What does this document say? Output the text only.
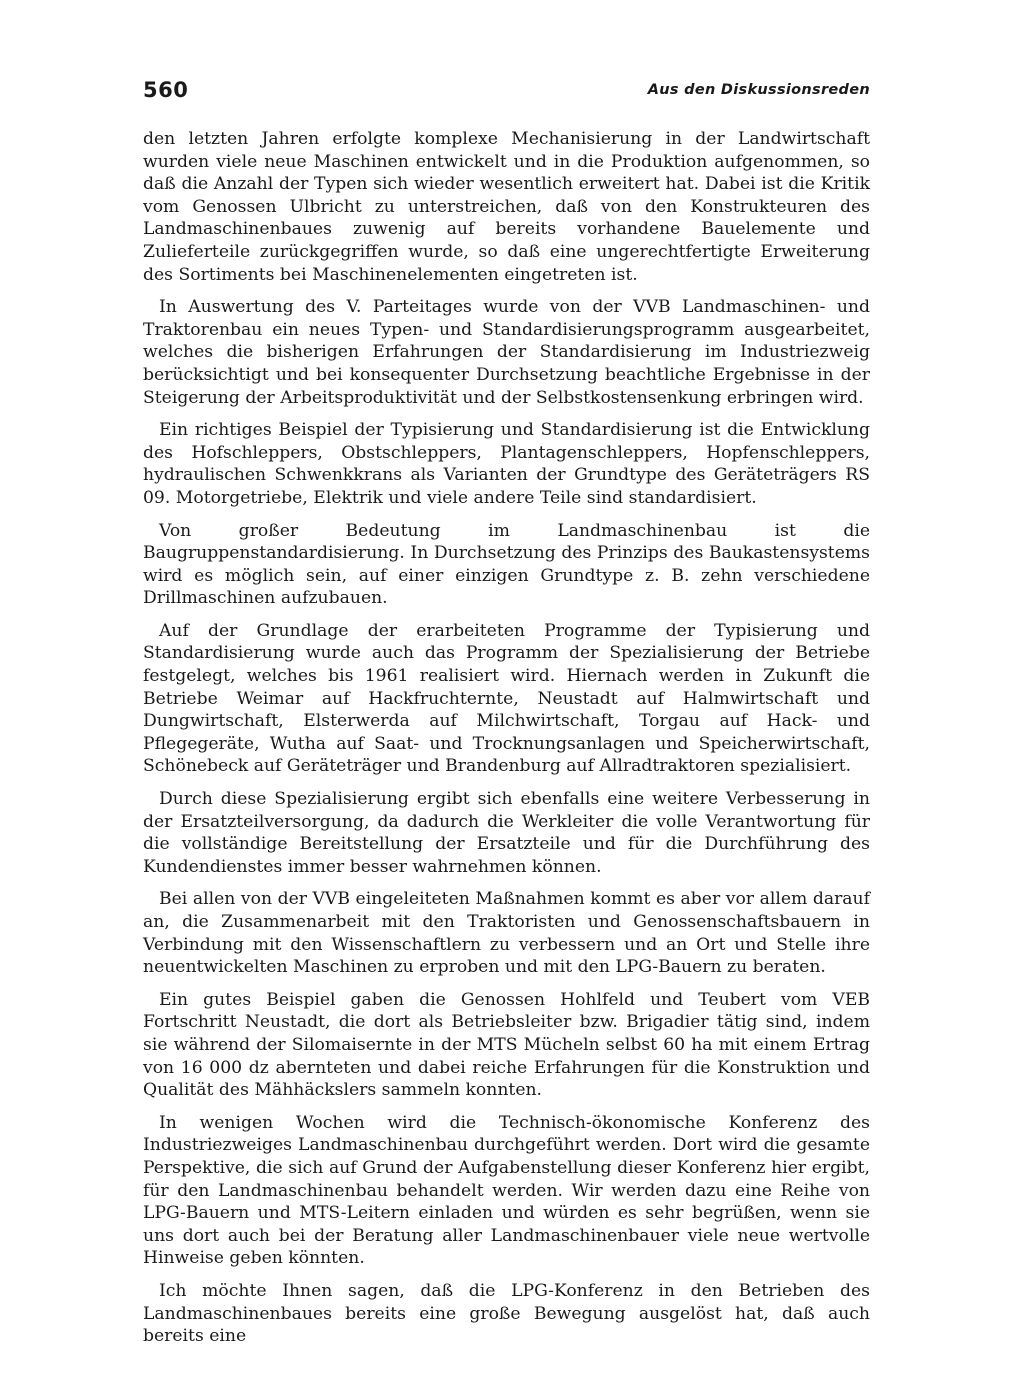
560	Aus den Diskussionsreden

den letzten Jahren erfolgte komplexe Mechanisierung in der Landwirtschaft wurden viele neue Maschinen entwickelt und in die Produktion aufgenommen, so daß die Anzahl der Typen sich wieder wesentlich erweitert hat. Dabei ist die Kritik vom Genossen Ulbricht zu unterstreichen, daß von den Konstrukteuren des Landmaschinenbaues zuwenig auf bereits vorhandene Bauelemente und Zulieferteile zurückgegriffen wurde, so daß eine ungerechtfertigte Erweiterung des Sortiments bei Maschinenelementen eingetreten ist.

In Auswertung des V. Parteitages wurde von der VVB Landmaschinen- und Traktorenbau ein neues Typen- und Standardisierungsprogramm ausgearbeitet, welches die bisherigen Erfahrungen der Standardisierung im Industriezweig berücksichtigt und bei konsequenter Durchsetzung beachtliche Ergebnisse in der Steigerung der Arbeitsproduktivität und der Selbstkostensenkung erbringen wird.

Ein richtiges Beispiel der Typisierung und Standardisierung ist die Entwicklung des Hofschleppers, Obstschleppers, Plantagenschleppers, Hopfenschleppers, hydraulischen Schwenkkrans als Varianten der Grundtype des Geräteträgers RS 09. Motorgetriebe, Elektrik und viele andere Teile sind standardisiert.

Von großer Bedeutung im Landmaschinenbau ist die Baugruppenstandardisierung. In Durchsetzung des Prinzips des Baukastensystems wird es möglich sein, auf einer einzigen Grundtype z. B. zehn verschiedene Drillmaschinen aufzubauen.

Auf der Grundlage der erarbeiteten Programme der Typisierung und Standardisierung wurde auch das Programm der Spezialisierung der Betriebe festgelegt, welches bis 1961 realisiert wird. Hiernach werden in Zukunft die Betriebe Weimar auf Hackfruchternte, Neustadt auf Halmwirtschaft und Dungwirtschaft, Elsterwerda auf Milchwirtschaft, Torgau auf Hack- und Pflegegeräte, Wutha auf Saat- und Trocknungsanlagen und Speicherwirtschaft, Schönebeck auf Geräteträger und Brandenburg auf Allradtraktoren spezialisiert.

Durch diese Spezialisierung ergibt sich ebenfalls eine weitere Verbesserung in der Ersatzteilversorgung, da dadurch die Werkleiter die volle Verantwortung für die vollständige Bereitstellung der Ersatzteile und für die Durchführung des Kundendienstes immer besser wahrnehmen können.

Bei allen von der VVB eingeleiteten Maßnahmen kommt es aber vor allem darauf an, die Zusammenarbeit mit den Traktoristen und Genossenschaftsbauern in Verbindung mit den Wissenschaftlern zu verbessern und an Ort und Stelle ihre neuentwickelten Maschinen zu erproben und mit den LPG-Bauern zu beraten.

Ein gutes Beispiel gaben die Genossen Hohlfeld und Teubert vom VEB Fortschritt Neustadt, die dort als Betriebsleiter bzw. Brigadier tätig sind, indem sie während der Silomaisernte in der MTS Mücheln selbst 60 ha mit einem Ertrag von 16 000 dz aberntеten und dabei reiche Erfahrungen für die Konstruktion und Qualität des Mähhäckslers sammeln konnten.

In wenigen Wochen wird die Technisch-ökonomische Konferenz des Industriezweiges Landmaschinenbau durchgeführt werden. Dort wird die gesamte Perspektive, die sich auf Grund der Aufgabenstellung dieser Konferenz hier ergibt, für den Landmaschinenbau behandelt werden. Wir werden dazu eine Reihe von LPG-Bauern und MTS-Leitern einladen und würden es sehr begrüßen, wenn sie uns dort auch bei der Beratung aller Landmaschinenbauer viele neue wertvolle Hinweise geben könnten.

Ich möchte Ihnen sagen, daß die LPG-Konferenz in den Betrieben des Landmaschinenbaues bereits eine große Bewegung ausgelöst hat, daß auch bereits eine
